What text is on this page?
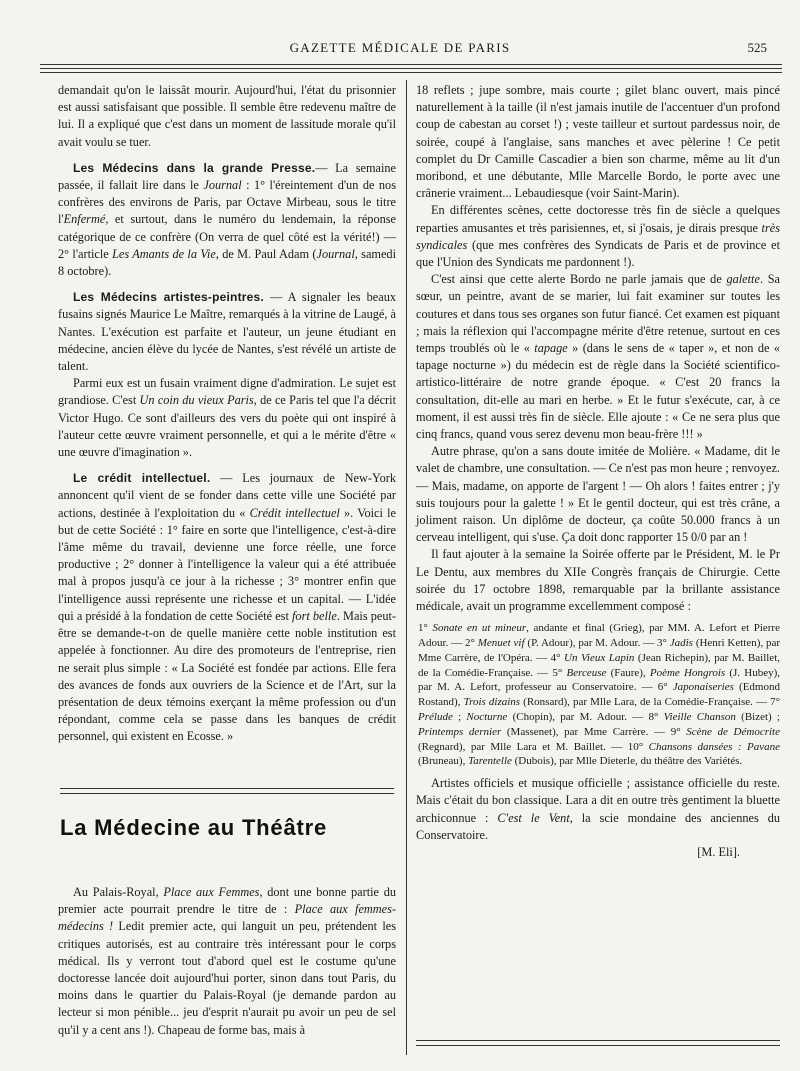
GAZETTE MÉDICALE DE PARIS	525

demandait qu'on le laissât mourir. Aujourd'hui, l'état du prisonnier est aussi satisfaisant que possible. Il semble être redevenu maître de lui. Il a expliqué que c'est dans un moment de lassitude morale qu'il avait voulu se tuer.

Les Médecins dans la grande Presse.— La semaine passée, il fallait lire dans le Journal : 1° l'éreintement d'un de nos confrères des environs de Paris, par Octave Mirbeau, sous le titre l'Enfermé, et surtout, dans le numéro du lendemain, la réponse catégorique de ce confrère (On verra de quel côté est la vérité!) — 2° l'article Les Amants de la Vie, de M. Paul Adam (Journal, samedi 8 octobre).

Les Médecins artistes-peintres. — A signaler les beaux fusains signés Maurice Le Maître, remarqués à la vitrine de Laugé, à Nantes. L'exécution est parfaite et l'auteur, un jeune étudiant en médecine, ancien élève du lycée de Nantes, s'est révélé un artiste de talent.

Parmi eux est un fusain vraiment digne d'admiration. Le sujet est grandiose. C'est Un coin du vieux Paris, de ce Paris tel que l'a décrit Victor Hugo. Ce sont d'ailleurs des vers du poète qui ont inspiré à l'auteur cette œuvre vraiment personnelle, et qui a le mérite d'être « une œuvre d'imagination ».

Le crédit intellectuel. — Les journaux de New-York annoncent qu'il vient de se fonder dans cette ville une Société par actions, destinée à l'exploitation du « Crédit intellectuel ». Voici le but de cette Société : 1° faire en sorte que l'intelligence, c'est-à-dire l'âme même du travail, devienne une force réelle, une force productive ; 2° donner à l'intelligence la valeur qui a été attribuée mal à propos jusqu'à ce jour à la richesse ; 3° montrer enfin que l'intelligence aussi représente une richesse et un capital. — L'idée qui a présidé à la fondation de cette Société est fort belle. Mais peut-être se demande-t-on de quelle manière cette noble institution est appelée à fonctionner. Au dire des promoteurs de l'entreprise, rien ne serait plus simple : « La Société est fondée par actions. Elle fera des avances de fonds aux ouvriers de la Science et de l'Art, sur la présentation de deux témoins exerçant la même profession ou d'un répondant, comme cela se passe dans les banques de crédit personnel, qui existent en Ecosse. »

La Médecine au Théâtre

Au Palais-Royal, Place aux Femmes, dont une bonne partie du premier acte pourrait prendre le titre de : Place aux femmes-médecins ! Ledit premier acte, qui languit un peu, prétendent les critiques autorisés, est au contraire très intéressant pour le corps médical. Ils y verront tout d'abord quel est le costume qu'une doctoresse lancée doit aujourd'hui porter, sinon dans tout Paris, du moins dans le quartier du Palais-Royal (je demande pardon au lecteur si mon pénible... jeu d'esprit n'aurait pu avoir un peu de sel qu'il y a cent ans !). Chapeau de forme bas, mais à

18 reflets ; jupe sombre, mais courte ; gilet blanc ouvert, mais pincé naturellement à la taille (il n'est jamais inutile de l'accentuer d'un profond coup de cabestan au corset !) ; veste tailleur et surtout pardessus noir, de soirée, coupé à l'anglaise, sans manches et avec pèlerine ! Ce petit complet du Dr Camille Cascadier a bien son charme, même au lit d'un moribond, et une débutante, Mlle Marcelle Bordo, le porte avec une crânerie vraiment... Lebaudiesque (voir Saint-Marin).

En différentes scènes, cette doctoresse très fin de siècle a quelques reparties amusantes et très parisiennes, et, si j'osais, je dirais presque très syndicales (que mes confrères des Syndicats de Paris et de province et que l'Union des Syndicats me pardonnent !).

C'est ainsi que cette alerte Bordo ne parle jamais que de galette. Sa sœur, un peintre, avant de se marier, lui fait examiner sur toutes les coutures et dans tous ses organes son futur fiancé. Cet examen est piquant ; mais la réflexion qui l'accompagne mérite d'être retenue, surtout en ces temps troublés où le « tapage » (dans le sens de « taper », et non de « tapage nocturne ») du médecin est de règle dans la Société scientifico-artistico-littéraire de notre grande époque. « C'est 20 francs la consultation, dit-elle au mari en herbe. » Et le futur s'exécute, car, à ce moment, il est aussi très fin de siècle. Elle ajoute : « Ce ne sera plus que cinq francs, quand vous serez devenu mon beau-frère !!! »

Autre phrase, qu'on a sans doute imitée de Molière. « Madame, dit le valet de chambre, une consultation. — Ce n'est pas mon heure ; renvoyez. — Mais, madame, on apporte de l'argent ! — Oh alors ! faites entrer ; j'y suis toujours pour la galette ! » Et le gentil docteur, qui est très crâne, a joliment raison. Un diplôme de docteur, ça coûte 50.000 francs à un cerveau intelligent, qui s'use. Ça doit donc rapporter 15 0/0 par an !

Il faut ajouter à la semaine la Soirée offerte par le Président, M. le Pr Le Dentu, aux membres du XIIe Congrès français de Chirurgie. Cette soirée du 17 octobre 1898, remarquable par la brillante assistance médicale, avait un programme excellemment composé :

1° Sonate en ut mineur, andante et final (Grieg), par MM. A. Lefort et Pierre Adour. — 2° Menuet vif (P. Adour), par M. Adour. — 3° Jadis (Henri Ketten), par Mme Carrère, de l'Opéra. — 4° Un Vieux Lapin (Jean Richepin), par M. Baillet, de la Comédie-Française. — 5° Berceuse (Faure), Poème Hongrois (J. Hubey), par M. A. Lefort, professeur au Conservatoire. — 6° Japonaiseries (Edmond Rostand), Trois dizains (Ronsard), par Mlle Lara, de la Comédie-Française. — 7° Prélude ; Nocturne (Chopin), par M. Adour. — 8° Vieille Chanson (Bizet) ; Printemps dernier (Massenet), par Mme Carrère. — 9° Scène de Démocrite (Regnard), par Mlle Lara et M. Baillet. — 10° Chansons dansées : Pavane (Bruneau), Tarentelle (Dubois), par Mlle Dieterle, du théâtre des Variétés.

Artistes officiels et musique officielle ; assistance officielle du reste. Mais c'était du bon classique. Lara a dit en outre très gentiment la bluette archiconnue : C'est le Vent, la scie mondaine des anciennes du Conservatoire.

[M. Eli].
